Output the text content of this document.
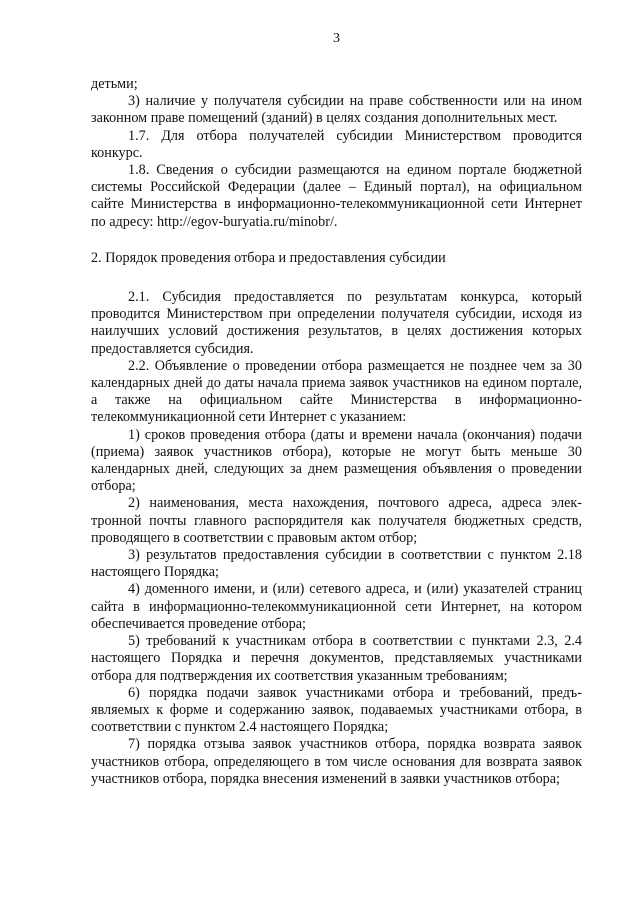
3

детьми;

3) наличие у получателя субсидии на праве собственности или на ином законном праве помещений (зданий) в целях создания дополнительных мест.

1.7. Для отбора получателей субсидии Министерством проводится конкурс.

1.8. Сведения о субсидии размещаются на едином портале бюджетной системы Российской Федерации (далее – Единый портал), на официальном сайте Министерства в информационно-телекоммуникационной сети Интернет по адресу: http://egov-buryatia.ru/minobr/.

2. Порядок проведения отбора и предоставления субсидии

2.1. Субсидия предоставляется по результатам конкурса, который проводится Министерством при определении получателя субсидии, исходя из наилучших условий достижения результатов, в целях достижения которых предоставляется субсидия.

2.2. Объявление о проведении отбора размещается не позднее чем за 30 календарных дней до даты начала приема заявок участников на едином портале, а также на официальном сайте Министерства в информационно-телекоммуникационной сети Интернет с указанием:

1) сроков проведения отбора (даты и времени начала (окончания) подачи (приема) заявок участников отбора), которые не могут быть меньше 30 календарных дней, следующих за днем размещения объявления о проведении отбора;

2) наименования, места нахождения, почтового адреса, адреса электронной почты главного распорядителя как получателя бюджетных средств, проводящего в соответствии с правовым актом отбор;

3) результатов предоставления субсидии в соответствии с пунктом 2.18 настоящего Порядка;

4) доменного имени, и (или) сетевого адреса, и (или) указателей страниц сайта в информационно-телекоммуникационной сети Интернет, на котором обеспечивается проведение отбора;

5) требований к участникам отбора в соответствии с пунктами 2.3, 2.4 настоящего Порядка и перечня документов, представляемых участниками отбора для подтверждения их соответствия указанным требованиям;

6) порядка подачи заявок участниками отбора и требований, предъявляемых к форме и содержанию заявок, подаваемых участниками отбора, в соответствии с пунктом 2.4 настоящего Порядка;

7) порядка отзыва заявок участников отбора, порядка возврата заявок участников отбора, определяющего в том числе основания для возврата заявок участников отбора, порядка внесения изменений в заявки участников отбора;
